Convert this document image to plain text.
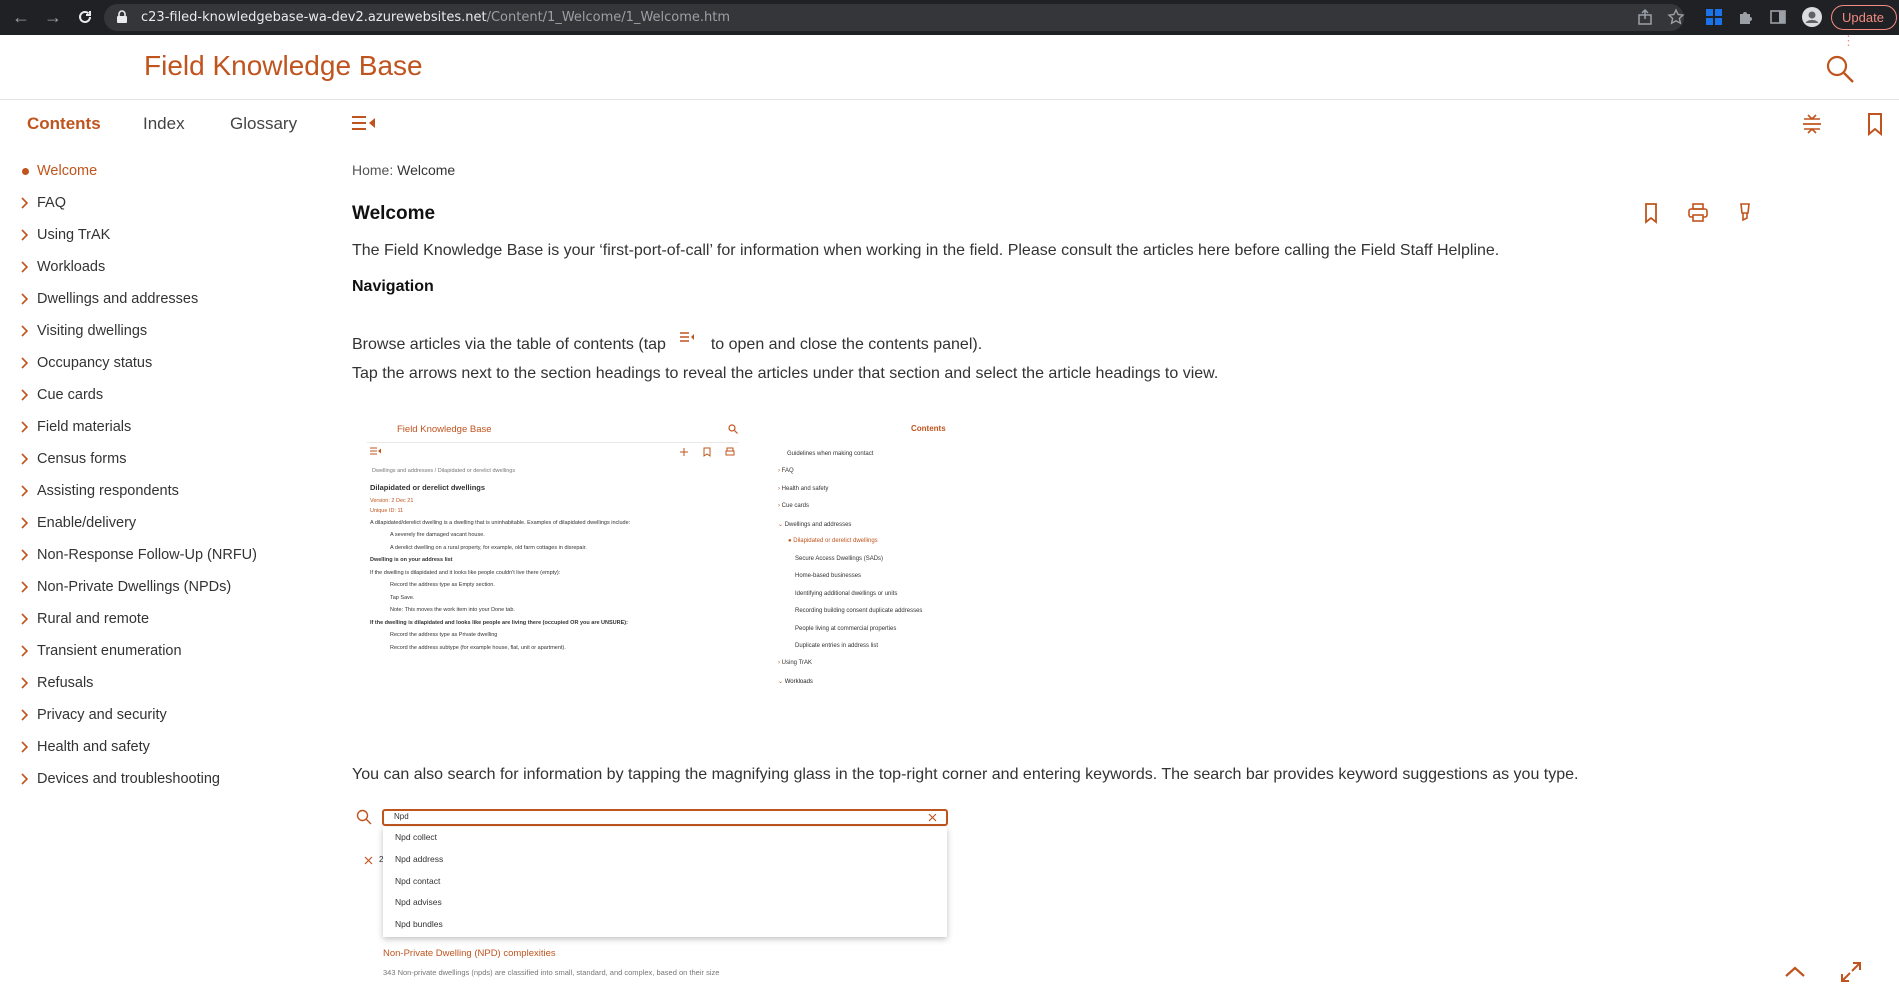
← →	c23-filed-knowledgebase-wa-dev2.azurewebsites.net/Content/1_Welcome/1_Welcome.htm	Update ⋮
Field Knowledge Base
Contents Index	Glossary
Welcome
FAQ
Using TrAK
Workloads
Dwellings and addresses
Visiting dwellings
Occupancy status
Cue cards
Field materials
Census forms
Assisting respondents
Enable/delivery
Non-Response Follow-Up (NRFU)
Non-Private Dwellings (NPDs)
Rural and remote
Transient enumeration
Refusals
Privacy and security
Health and safety
Devices and troubleshooting
Home: Welcome
Welcome
The Field Knowledge Base is your ‘first-port-of-call’ for information when working in the field. Please consult the articles here before calling the Field Staff Helpline.
Navigation
Browse articles via the table of contents (tap	to open and close the contents panel).
Tap the arrows next to the section headings to reveal the articles under that section and select the article headings to view.
Field Knowledge Base
Dwellings and addresses / Dilapidated or derelict dwellings
Dilapidated or derelict dwellings
Version: 2 Dec 21
Unique ID: 11
A dilapidated/derelict dwelling is a dwelling that is uninhabitable. Examples of dilapidated dwellings include:
A severely fire damaged vacant house.
A derelict dwelling on a rural property, for example, old farm cottages in disrepair.
Dwelling is on your address list
If the dwelling is dilapidated and it looks like people couldn't live there (empty):
Record the address type as Empty section.
Tap Save.
Note: This moves the work item into your Done tab.
If the dwelling is dilapidated and looks like people are living there (occupied OR you are UNSURE):
Record the address type as Private dwelling
Record the address subtype (for example house, flat, unit or apartment).
Contents
Guidelines when making contact
› FAQ
› Health and safety
› Cue cards
⌄ Dwellings and addresses
● Dilapidated or derelict dwellings
Secure Access Dwellings (SADs)
Home-based businesses
Identifying additional dwellings or units
Recording building consent duplicate addresses
People living at commercial properties
Duplicate entries in address list
› Using TrAK
⌄ Workloads
You can also search for information by tapping the magnifying glass in the top-right corner and entering keywords. The search bar provides keyword suggestions as you type.
Npd
2
Npd collect
Npd address
Npd contact
Npd advises
Npd bundles
Non-Private Dwelling (NPD) complexities
343 Non-private dwellings (npds) are classified into small, standard, and complex, based on their size
